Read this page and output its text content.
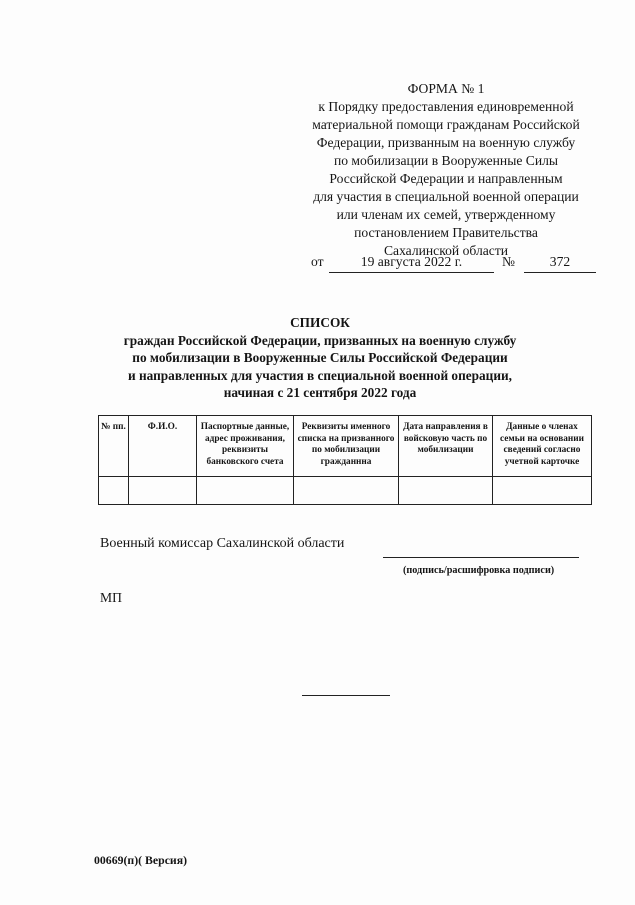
ФОРМА № 1
к Порядку предоставления единовременной
материальной помощи гражданам Российской
Федерации, призванным на военную службу
по мобилизации в Вооруженные Силы
Российской Федерации и направленным
для участия в специальной военной операции
или членам их семей, утвержденному
постановлением Правительства
Сахалинской области
от	19 августа 2022 г.	№	372
СПИСОК
граждан Российской Федерации, призванных на военную службу
по мобилизации в Вооруженные Силы Российской Федерации
и направленных для участия в специальной военной операции,
начиная с 21 сентября 2022 года
№ пп.	Ф.И.О.	Паспортные данные, адрес проживания, реквизиты банковского счета	Реквизиты именного списка на призванного по мобилизации гражданнна	Дата направления в войсковую часть по мобилизации	Данные о членах семьи на основании сведений согласно учетной карточке

Военный комиссар Сахалинской области
(подпись/расшифровка подписи)
МП
00669(п)( Версия)
